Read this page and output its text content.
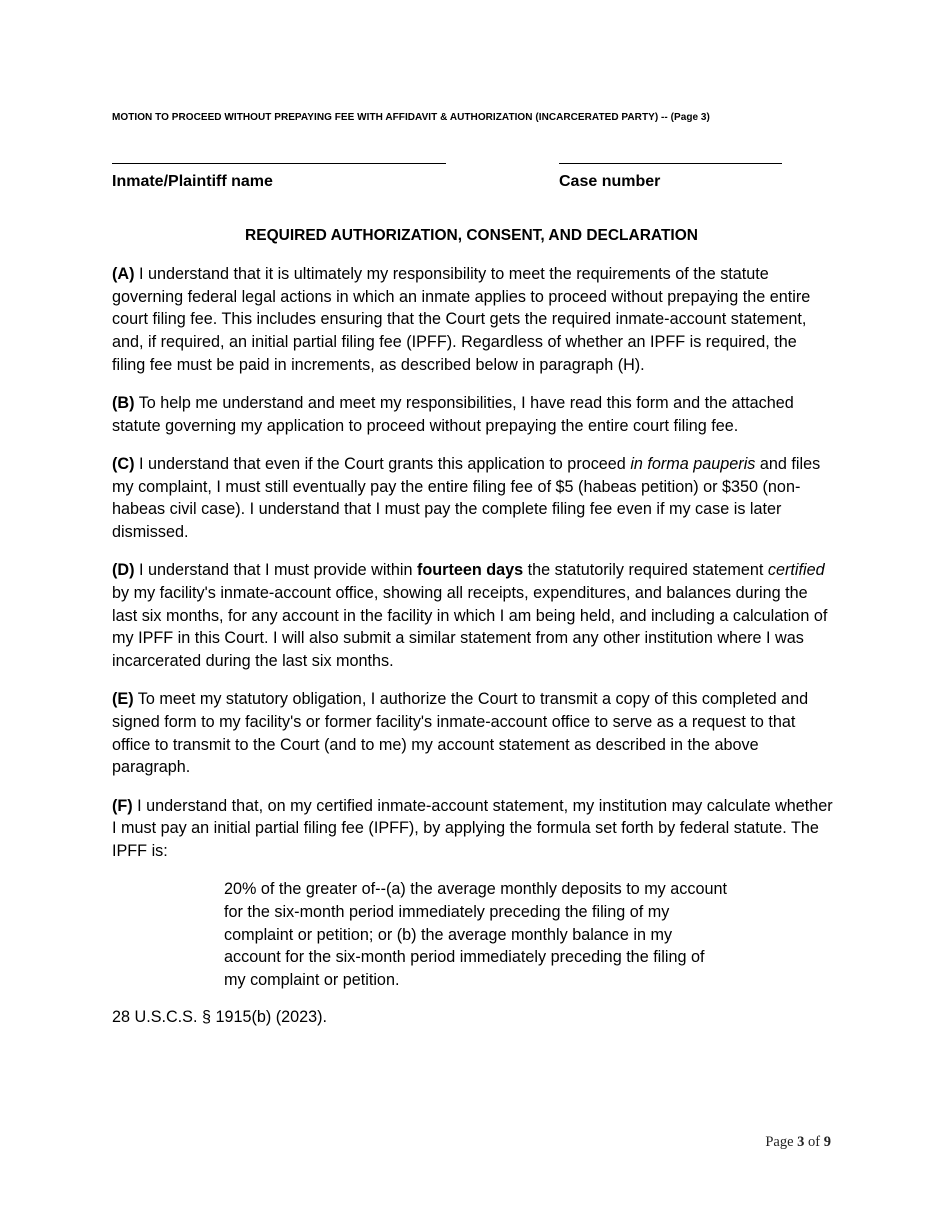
MOTION TO PROCEED WITHOUT PREPAYING FEE WITH AFFIDAVIT & AUTHORIZATION (INCARCERATED PARTY) -- (Page 3)
Inmate/Plaintiff name	Case number
REQUIRED AUTHORIZATION, CONSENT, AND DECLARATION

(A) I understand that it is ultimately my responsibility to meet the requirements of the statute governing federal legal actions in which an inmate applies to proceed without prepaying the entire court filing fee. This includes ensuring that the Court gets the required inmate-account statement, and, if required, an initial partial filing fee (IPFF). Regardless of whether an IPFF is required, the filing fee must be paid in increments, as described below in paragraph (H).

(B) To help me understand and meet my responsibilities, I have read this form and the attached statute governing my application to proceed without prepaying the entire court filing fee.

(C) I understand that even if the Court grants this application to proceed in forma pauperis and files my complaint, I must still eventually pay the entire filing fee of $5 (habeas petition) or $350 (non-habeas civil case). I understand that I must pay the complete filing fee even if my case is later dismissed.

(D) I understand that I must provide within fourteen days the statutorily required statement certified by my facility's inmate-account office, showing all receipts, expenditures, and balances during the last six months, for any account in the facility in which I am being held, and including a calculation of my IPFF in this Court. I will also submit a similar statement from any other institution where I was incarcerated during the last six months.

(E) To meet my statutory obligation, I authorize the Court to transmit a copy of this completed and signed form to my facility's or former facility's inmate-account office to serve as a request to that office to transmit to the Court (and to me) my account statement as described in the above paragraph.

(F) I understand that, on my certified inmate-account statement, my institution may calculate whether I must pay an initial partial filing fee (IPFF), by applying the formula set forth by federal statute. The IPFF is:

20% of the greater of--(a) the average monthly deposits to my account for the six-month period immediately preceding the filing of my complaint or petition; or (b) the average monthly balance in my account for the six-month period immediately preceding the filing of my complaint or petition.

28 U.S.C.S. § 1915(b) (2023).

Page 3 of 9
